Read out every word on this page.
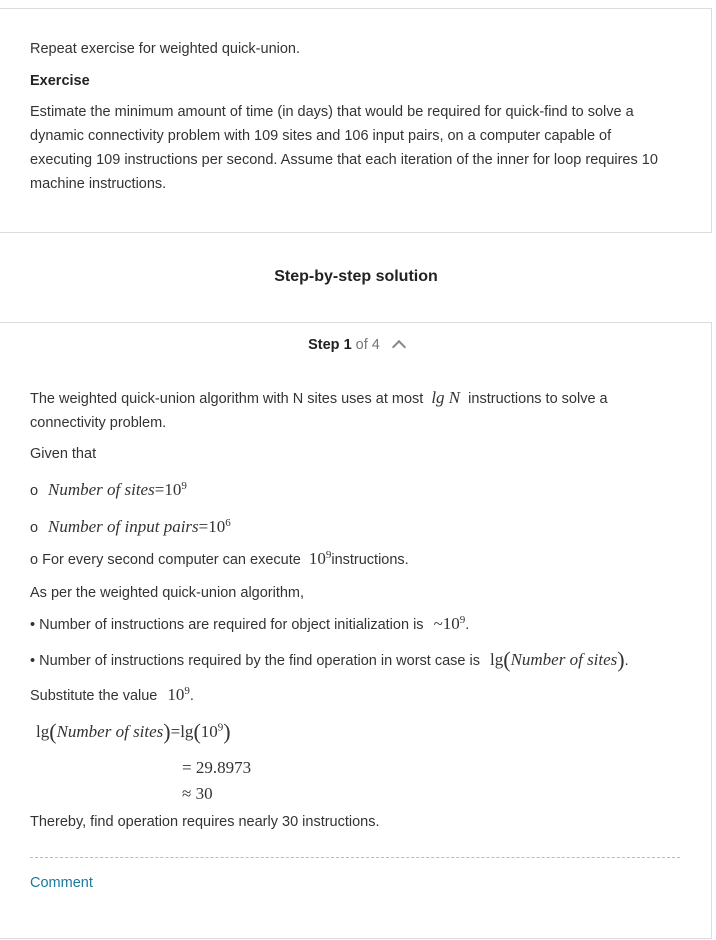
Repeat exercise for weighted quick-union.
Exercise
Estimate the minimum amount of time (in days) that would be required for quick-find to solve a dynamic connectivity problem with 109 sites and 106 input pairs, on a computer capable of executing 109 instructions per second. Assume that each iteration of the inner for loop requires 10 machine instructions.
Step-by-step solution
Step 1 of 4
The weighted quick-union algorithm with N sites uses at most lg N instructions to solve a connectivity problem.
Given that
o Number of $sites=10^9$
o Number of input $pairs=10^6$
o For every second computer can execute $10^9instructions$.
As per the weighted quick-union algorithm,
• Number of instructions are required for object initialization is $\sim 10^9$.
• Number of instructions required by the find operation in worst case is lg(Number of sites).
Substitute the value $10^9$.
lg(Number of $sites)=\lg(10^9)$
= 29.8973
≈ 30
Thereby, find operation requires nearly 30 instructions.
Comment
